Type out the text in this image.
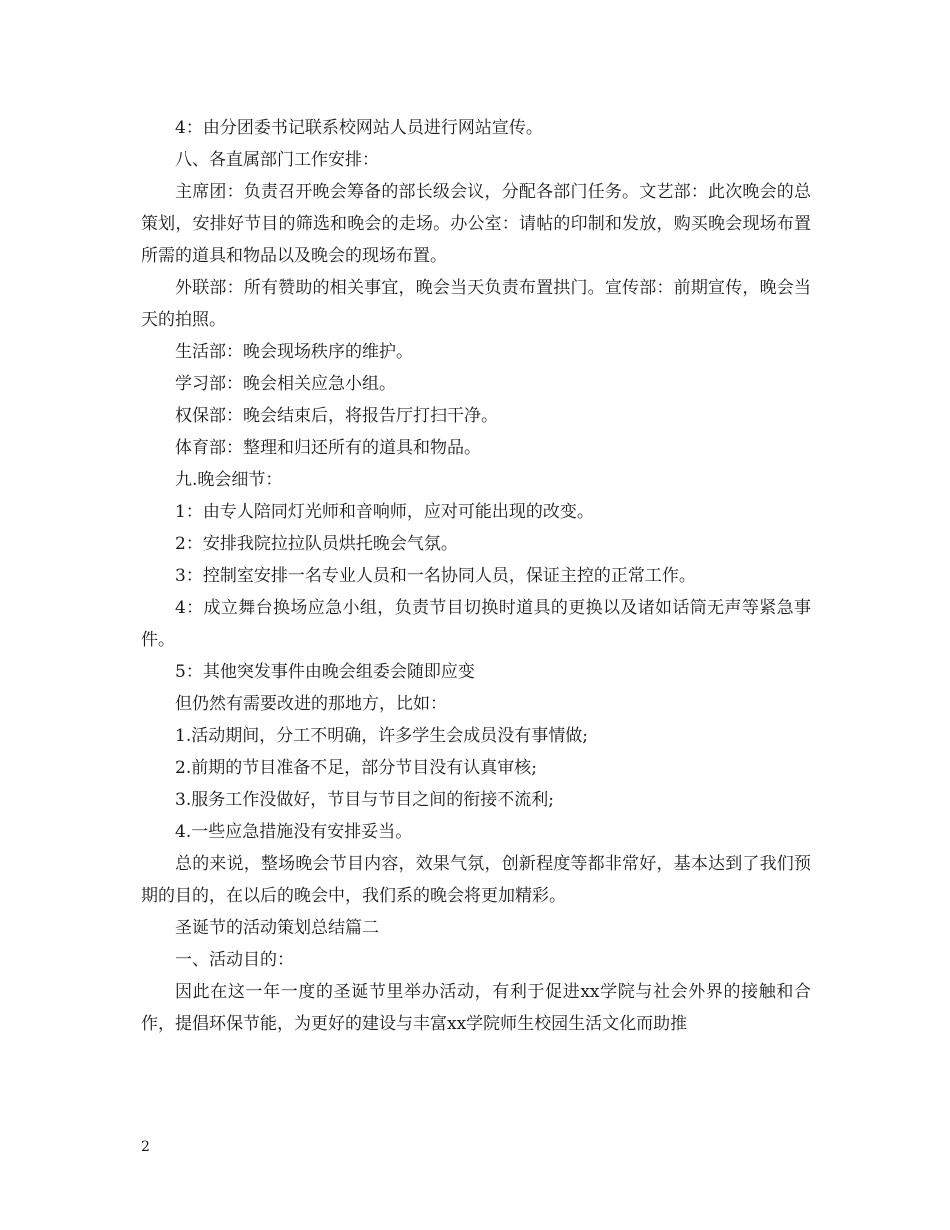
4：由分团委书记联系校网站人员进行网站宣传。

八、各直属部门工作安排：

主席团：负责召开晚会筹备的部长级会议，分配各部门任务。文艺部：此次晚会的总策划，安排好节目的筛选和晚会的走场。办公室：请帖的印制和发放，购买晚会现场布置所需的道具和物品以及晚会的现场布置。

外联部：所有赞助的相关事宜，晚会当天负责布置拱门。宣传部：前期宣传，晚会当天的拍照。

生活部：晚会现场秩序的维护。

学习部：晚会相关应急小组。

权保部：晚会结束后，将报告厅打扫干净。

体育部：整理和归还所有的道具和物品。

九.晚会细节：

1：由专人陪同灯光师和音响师，应对可能出现的改变。

2：安排我院拉拉队员烘托晚会气氛。

3：控制室安排一名专业人员和一名协同人员，保证主控的正常工作。

4：成立舞台换场应急小组，负责节目切换时道具的更换以及诸如话筒无声等紧急事件。

5：其他突发事件由晚会组委会随即应变

但仍然有需要改进的那地方，比如：

1.活动期间，分工不明确，许多学生会成员没有事情做;

2.前期的节目准备不足，部分节目没有认真审核;

3.服务工作没做好，节目与节目之间的衔接不流利;

4.一些应急措施没有安排妥当。

总的来说，整场晚会节目内容，效果气氛，创新程度等都非常好，基本达到了我们预期的目的，在以后的晚会中，我们系的晚会将更加精彩。

圣诞节的活动策划总结篇二

一、活动目的：

因此在这一年一度的圣诞节里举办活动，有利于促进xx学院与社会外界的接触和合作，提倡环保节能，为更好的建设与丰富xx学院师生校园生活文化而助推

2
